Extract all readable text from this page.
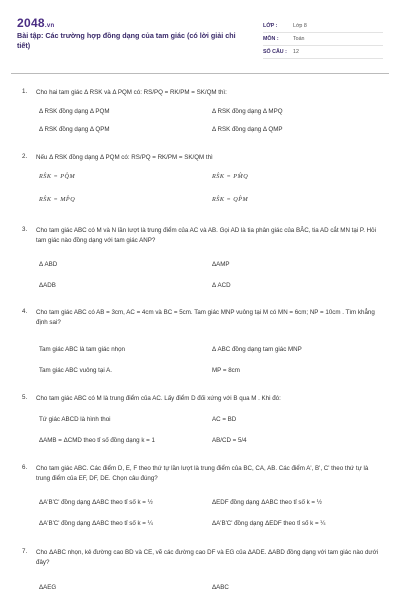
2048.vn
Bài tập: Các trường hợp đồng dạng của tam giác (có lời giải chi tiết)
LỚP :	Lớp 8
MÔN :	Toán
SỐ CÂU :	12
1. Cho hai tam giác Δ RSK và Δ PQM có: RS/PQ = RK/PM = SK/QM thì:
Δ RSK đồng dạng Δ PQM	Δ RSK đồng dạng Δ MPQ
Δ RSK đồng dạng Δ QPM	Δ RSK đồng dạng Δ QMP
2. Nếu Δ RSK đồng dạng Δ PQM có: RS/PQ = RK/PM = SK/QM thì
RŜK = PQ̂M	RŜK = PM̂Q
RŜK = MP̂Q	RŜK = QP̂M
3. Cho tam giác ABC có M và N lần lượt là trung điểm của AC và AB. Gọi AD là tia phân giác của BÂC, tia AD cắt MN tại P. Hỏi tam giác nào đồng dạng với tam giác ANP?
Δ ABD	ΔAMP
ΔADB	Δ ACD
4. Cho tam giác ABC có AB = 3cm, AC = 4cm và BC = 5cm. Tam giác MNP vuông tại M có MN = 6cm; NP = 10cm . Tìm khẳng định sai?
Tam giác ABC là tam giác nhọn	Δ ABC đồng dạng tam giác MNP
Tam giác ABC vuông tại A.	MP = 8cm
5. Cho tam giác ABC có M là trung điểm của AC. Lấy điểm D đối xứng với B qua M . Khi đó:
Tứ giác ABCD là hình thoi	AC = BD
ΔAMB = ΔCMD theo tỉ số đồng dạng k = 1	AB/CD = 5/4
6. Cho tam giác ABC. Các điểm D, E, F theo thứ tự lần lượt là trung điểm của BC, CA, AB. Các điểm A', B', C' theo thứ tự là trung điểm của EF, DF, DE. Chọn câu đúng?
ΔA'B'C' đồng dạng ΔABC theo tỉ số k = ½	ΔEDF đồng dạng ΔABC theo tỉ số k = ½
ΔA'B'C' đồng dạng ΔABC theo tỉ số k = ¼	ΔA'B'C' đồng dạng ΔEDF theo tỉ số k = ¼
7. Cho ΔABC nhọn, kẻ đường cao BD và CE, vẽ các đường cao DF và EG của ΔADE. ΔABD đồng dạng với tam giác nào dưới đây?
ΔAEG	ΔABC
